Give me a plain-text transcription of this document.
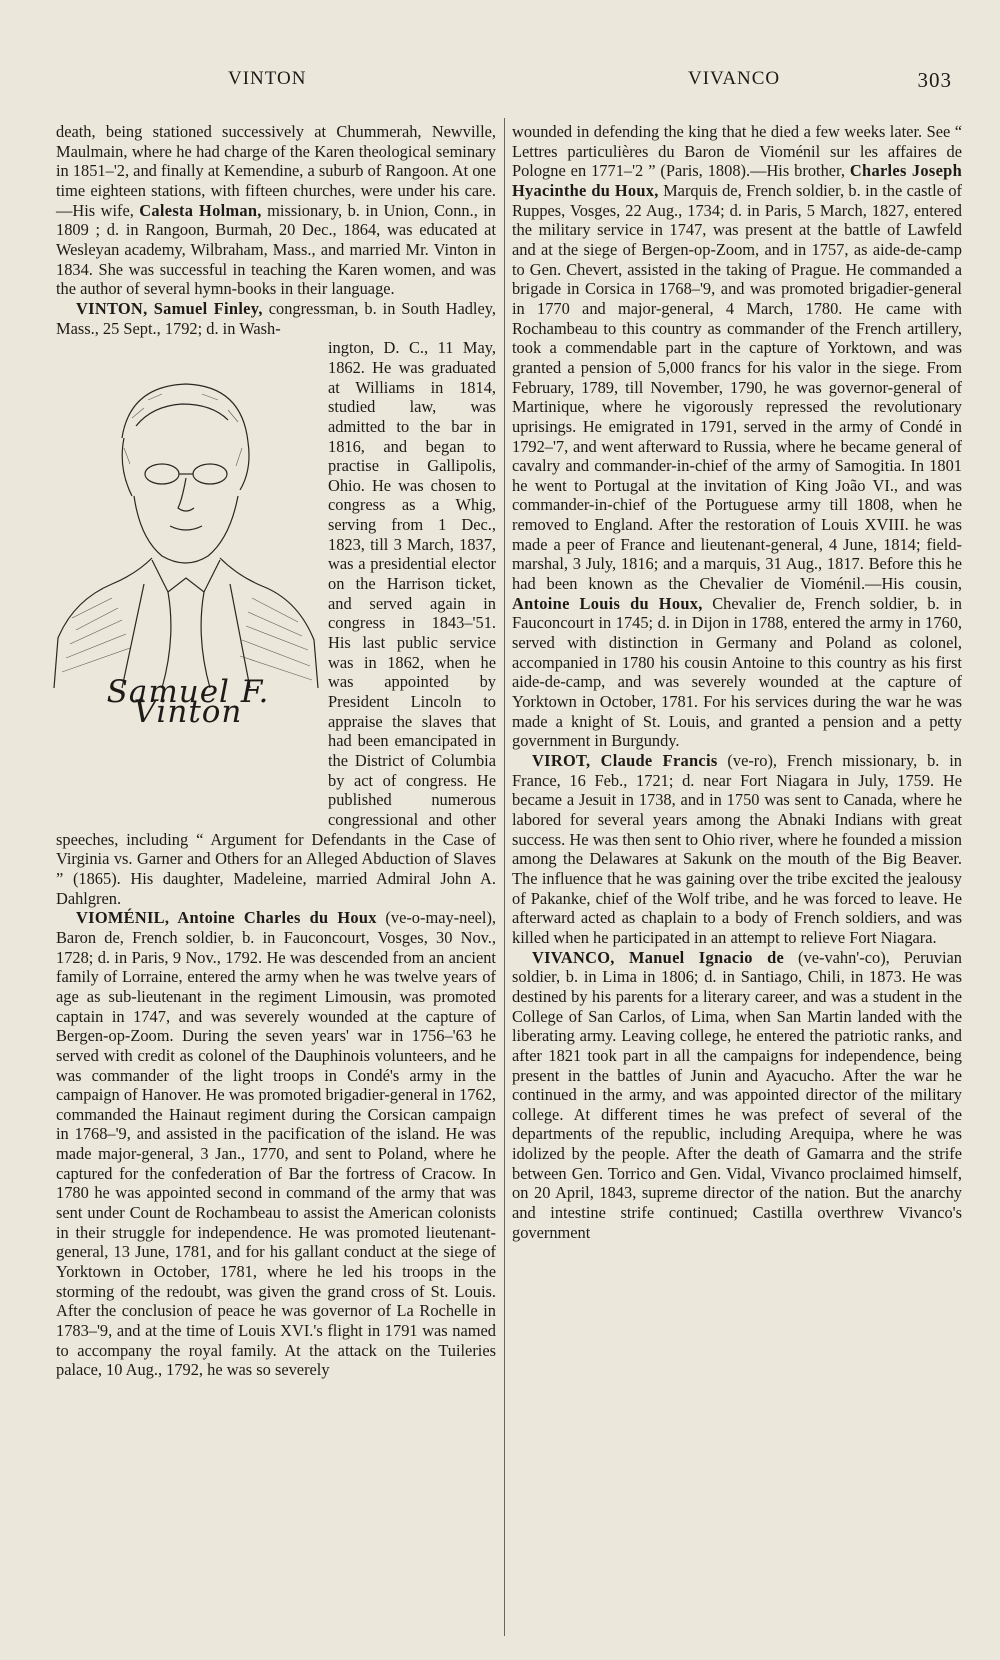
VINTON	VIVANCO	303

death, being stationed successively at Chummerah, Newville, Maulmain, where he had charge of the Karen theological seminary in 1851–'2, and finally at Kemendine, a suburb of Rangoon. At one time eighteen stations, with fifteen churches, were under his care.—His wife, Calesta Holman, missionary, b. in Union, Conn., in 1809 ; d. in Rangoon, Burmah, 20 Dec., 1864, was educated at Wesleyan academy, Wilbraham, Mass., and married Mr. Vinton in 1834. She was successful in teaching the Karen women, and was the author of several hymn-books in their language.

VINTON, Samuel Finley, congressman, b. in South Hadley, Mass., 25 Sept., 1792; d. in Wash-

Samuel F. Vinton

ington, D. C., 11 May, 1862. He was graduated at Williams in 1814, studied law, was admitted to the bar in 1816, and began to practise in Gallipolis, Ohio. He was chosen to congress as a Whig, serving from 1 Dec., 1823, till 3 March, 1837, was a presidential elector on the Harrison ticket, and served again in congress in 1843–'51. His last public service was in 1862, when he was appointed by President Lincoln to appraise the slaves that had been emancipated in the District of Columbia by act of congress. He published numerous congressional and other speeches, including “ Argument for Defendants in the Case of Virginia vs. Garner and Others for an Alleged Abduction of Slaves ” (1865). His daughter, Madeleine, married Admiral John A. Dahlgren.

VIOMÉNIL, Antoine Charles du Houx (ve-o-may-neel), Baron de, French soldier, b. in Fauconcourt, Vosges, 30 Nov., 1728; d. in Paris, 9 Nov., 1792. He was descended from an ancient family of Lorraine, entered the army when he was twelve years of age as sub-lieutenant in the regiment Limousin, was promoted captain in 1747, and was severely wounded at the capture of Bergen-op-Zoom. During the seven years' war in 1756–'63 he served with credit as colonel of the Dauphinois volunteers, and he was commander of the light troops in Condé's army in the campaign of Hanover. He was promoted brigadier-general in 1762, commanded the Hainaut regiment during the Corsican campaign in 1768–'9, and assisted in the pacification of the island. He was made major-general, 3 Jan., 1770, and sent to Poland, where he captured for the confederation of Bar the fortress of Cracow. In 1780 he was appointed second in command of the army that was sent under Count de Rochambeau to assist the American colonists in their struggle for independence. He was promoted lieutenant-general, 13 June, 1781, and for his gallant conduct at the siege of Yorktown in October, 1781, where he led his troops in the storming of the redoubt, was given the grand cross of St. Louis. After the conclusion of peace he was governor of La Rochelle in 1783–'9, and at the time of Louis XVI.'s flight in 1791 was named to accompany the royal family. At the attack on the Tuileries palace, 10 Aug., 1792, he was so severely

wounded in defending the king that he died a few weeks later. See “ Lettres particulières du Baron de Vioménil sur les affaires de Pologne en 1771–'2 ” (Paris, 1808).—His brother, Charles Joseph Hyacinthe du Houx, Marquis de, French soldier, b. in the castle of Ruppes, Vosges, 22 Aug., 1734; d. in Paris, 5 March, 1827, entered the military service in 1747, was present at the battle of Lawfeld and at the siege of Bergen-op-Zoom, and in 1757, as aide-de-camp to Gen. Chevert, assisted in the taking of Prague. He commanded a brigade in Corsica in 1768–'9, and was promoted brigadier-general in 1770 and major-general, 4 March, 1780. He came with Rochambeau to this country as commander of the French artillery, took a commendable part in the capture of Yorktown, and was granted a pension of 5,000 francs for his valor in the siege. From February, 1789, till November, 1790, he was governor-general of Martinique, where he vigorously repressed the revolutionary uprisings. He emigrated in 1791, served in the army of Condé in 1792–'7, and went afterward to Russia, where he became general of cavalry and commander-in-chief of the army of Samogitia. In 1801 he went to Portugal at the invitation of King João VI., and was commander-in-chief of the Portuguese army till 1808, when he removed to England. After the restoration of Louis XVIII. he was made a peer of France and lieutenant-general, 4 June, 1814; field-marshal, 3 July, 1816; and a marquis, 31 Aug., 1817. Before this he had been known as the Chevalier de Vioménil.—His cousin, Antoine Louis du Houx, Chevalier de, French soldier, b. in Fauconcourt in 1745; d. in Dijon in 1788, entered the army in 1760, served with distinction in Germany and Poland as colonel, accompanied in 1780 his cousin Antoine to this country as his first aide-de-camp, and was severely wounded at the capture of Yorktown in October, 1781. For his services during the war he was made a knight of St. Louis, and granted a pension and a petty government in Burgundy.

VIROT, Claude Francis (ve-ro), French missionary, b. in France, 16 Feb., 1721; d. near Fort Niagara in July, 1759. He became a Jesuit in 1738, and in 1750 was sent to Canada, where he labored for several years among the Abnaki Indians with great success. He was then sent to Ohio river, where he founded a mission among the Delawares at Sakunk on the mouth of the Big Beaver. The influence that he was gaining over the tribe excited the jealousy of Pakanke, chief of the Wolf tribe, and he was forced to leave. He afterward acted as chaplain to a body of French soldiers, and was killed when he participated in an attempt to relieve Fort Niagara.

VIVANCO, Manuel Ignacio de (ve-vahn'-co), Peruvian soldier, b. in Lima in 1806; d. in Santiago, Chili, in 1873. He was destined by his parents for a literary career, and was a student in the College of San Carlos, of Lima, when San Martin landed with the liberating army. Leaving college, he entered the patriotic ranks, and after 1821 took part in all the campaigns for independence, being present in the battles of Junin and Ayacucho. After the war he continued in the army, and was appointed director of the military college. At different times he was prefect of several of the departments of the republic, including Arequipa, where he was idolized by the people. After the death of Gamarra and the strife between Gen. Torrico and Gen. Vidal, Vivanco proclaimed himself, on 20 April, 1843, supreme director of the nation. But the anarchy and intestine strife continued; Castilla overthrew Vivanco's government
